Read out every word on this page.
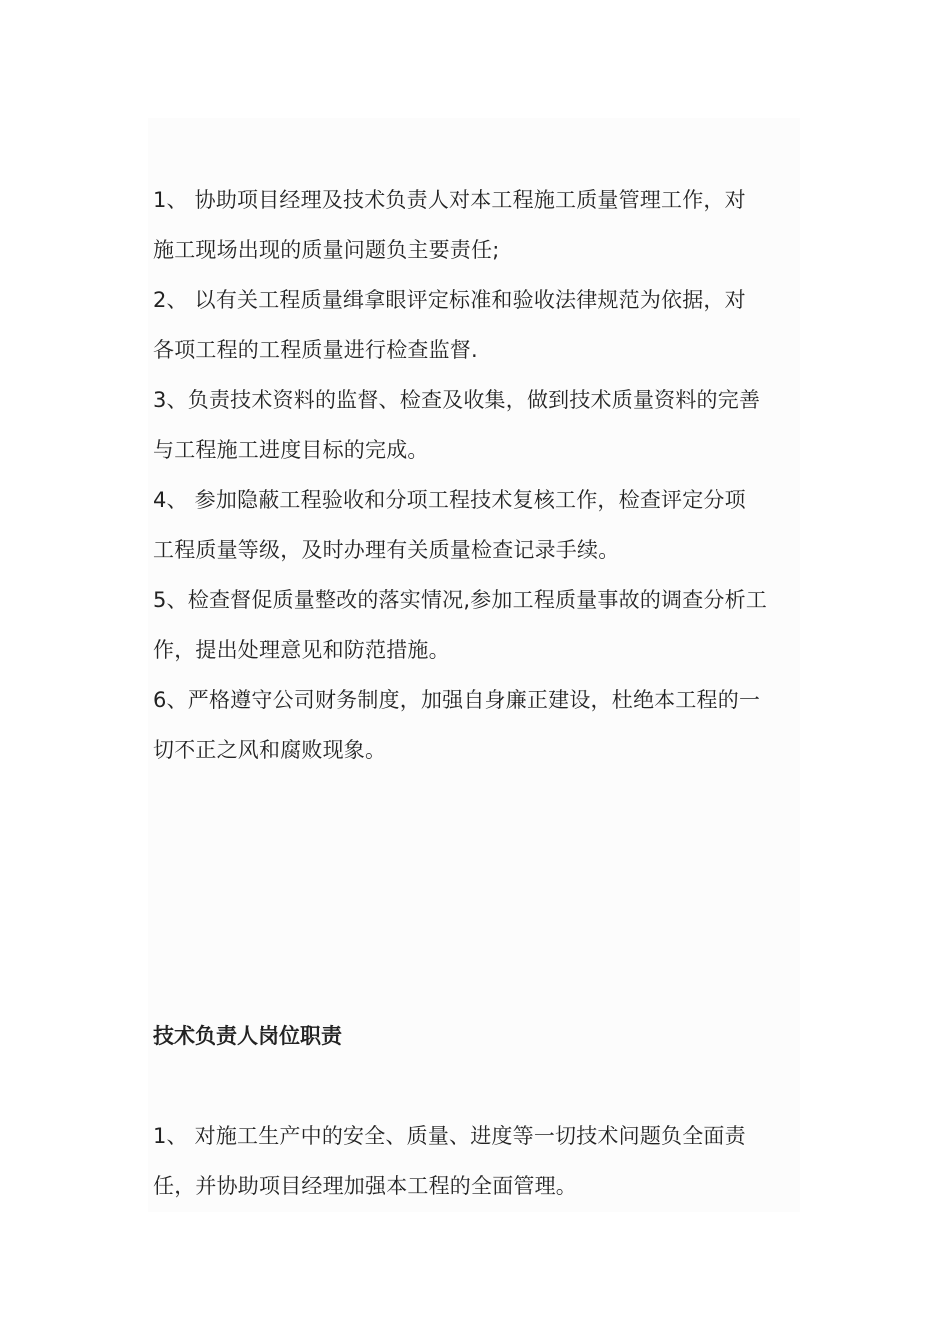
1、 协助项目经理及技术负责人对本工程施工质量管理工作，对
施工现场出现的质量问题负主要责任;
2、 以有关工程质量缉拿眼评定标准和验收法律规范为依据，对
各项工程的工程质量进行检查监督.
3、负责技术资料的监督、检查及收集，做到技术质量资料的完善
与工程施工进度目标的完成。
4、 参加隐蔽工程验收和分项工程技术复核工作，检查评定分项
工程质量等级，及时办理有关质量检查记录手续。
5、检查督促质量整改的落实情况,参加工程质量事故的调查分析工
作，提出处理意见和防范措施。
6、严格遵守公司财务制度，加强自身廉正建设，杜绝本工程的一
切不正之风和腐败现象。
技术负责人岗位职责
1、 对施工生产中的安全、质量、进度等一切技术问题负全面责
任，并协助项目经理加强本工程的全面管理。
